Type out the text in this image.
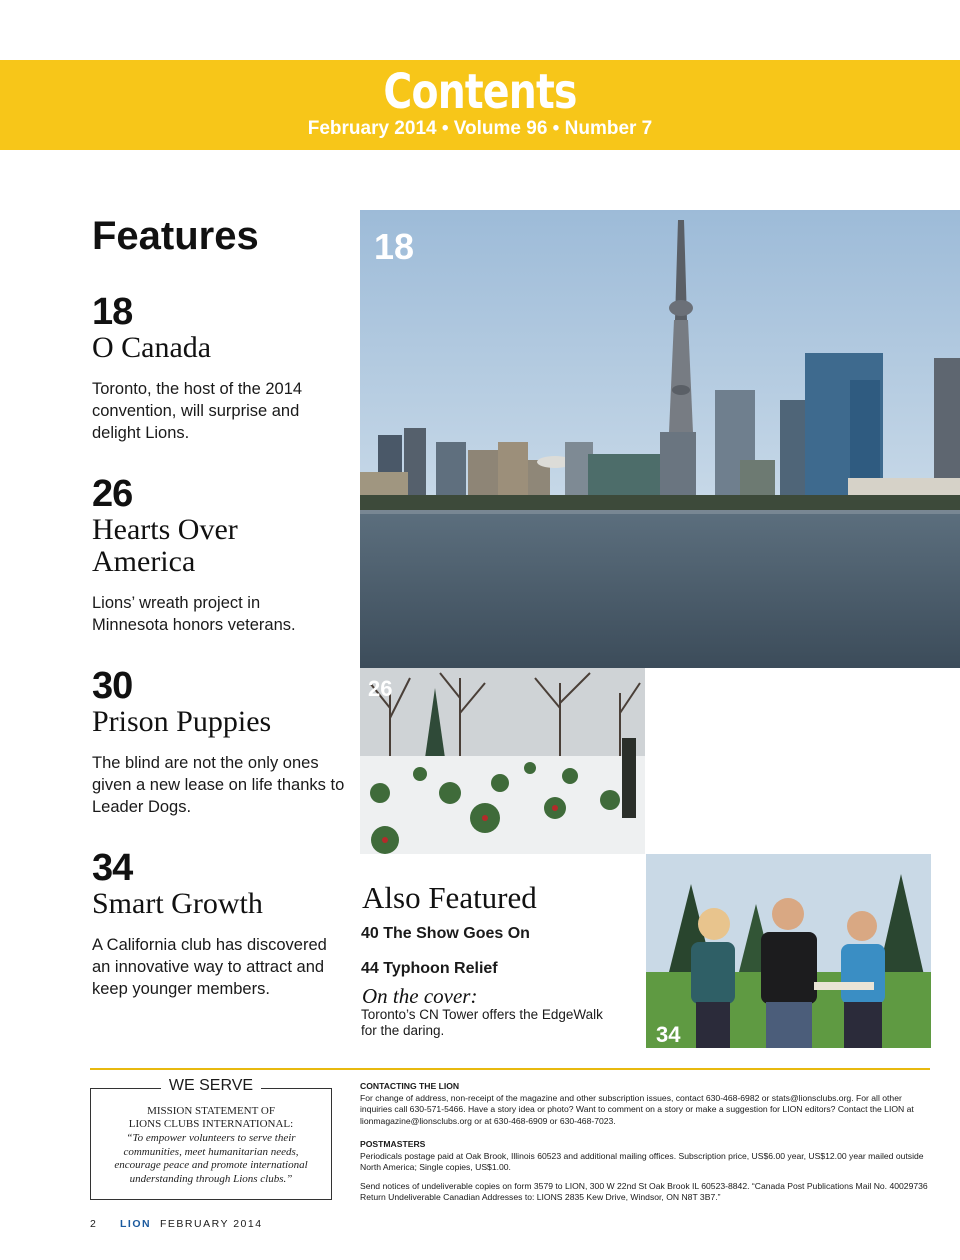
Contents
February 2014 • Volume 96 • Number 7
Features
18
O Canada
Toronto, the host of the 2014 convention, will surprise and delight Lions.
26
Hearts Over America
Lions’ wreath project in Minnesota honors veterans.
30
Prison Puppies
The blind are not the only ones given a new lease on life thanks to Leader Dogs.
34
Smart Growth
A California club has discovered an innovative way to attract and keep younger members.
18
26
34
Also Featured
40 The Show Goes On
44 Typhoon Relief
On the cover:
Toronto’s CN Tower offers the EdgeWalk for the daring.
MISSION STATEMENT OF
LIONS CLUBS INTERNATIONAL:
“To empower volunteers to serve their communities, meet humanitarian needs, encourage peace and promote international understanding through Lions clubs.”
WE SERVE	CONTACTING THE LION
For change of address, non-receipt of the magazine and other subscription issues, contact 630-468-6982 or stats@lionsclubs.org. For all other inquiries call 630-571-5466. Have a story idea or photo? Want to comment on a story or make a suggestion for LION editors? Contact the LION at lionmagazine@lionsclubs.org or at 630-468-6909 or 630-468-7023.
POSTMASTERS
Periodicals postage paid at Oak Brook, Illinois 60523 and additional mailing offices. Subscription price, US$6.00 year, US$12.00 year mailed outside North America; Single copies, US$1.00.
Send notices of undeliverable copies on form 3579 to LION, 300 W 22nd St Oak Brook IL 60523-8842. “Canada Post Publications Mail No. 40029736 Return Undeliverable Canadian Addresses to: LIONS 2835 Kew Drive, Windsor, ON N8T 3B7.”
2 LION FEBRUARY 2014
